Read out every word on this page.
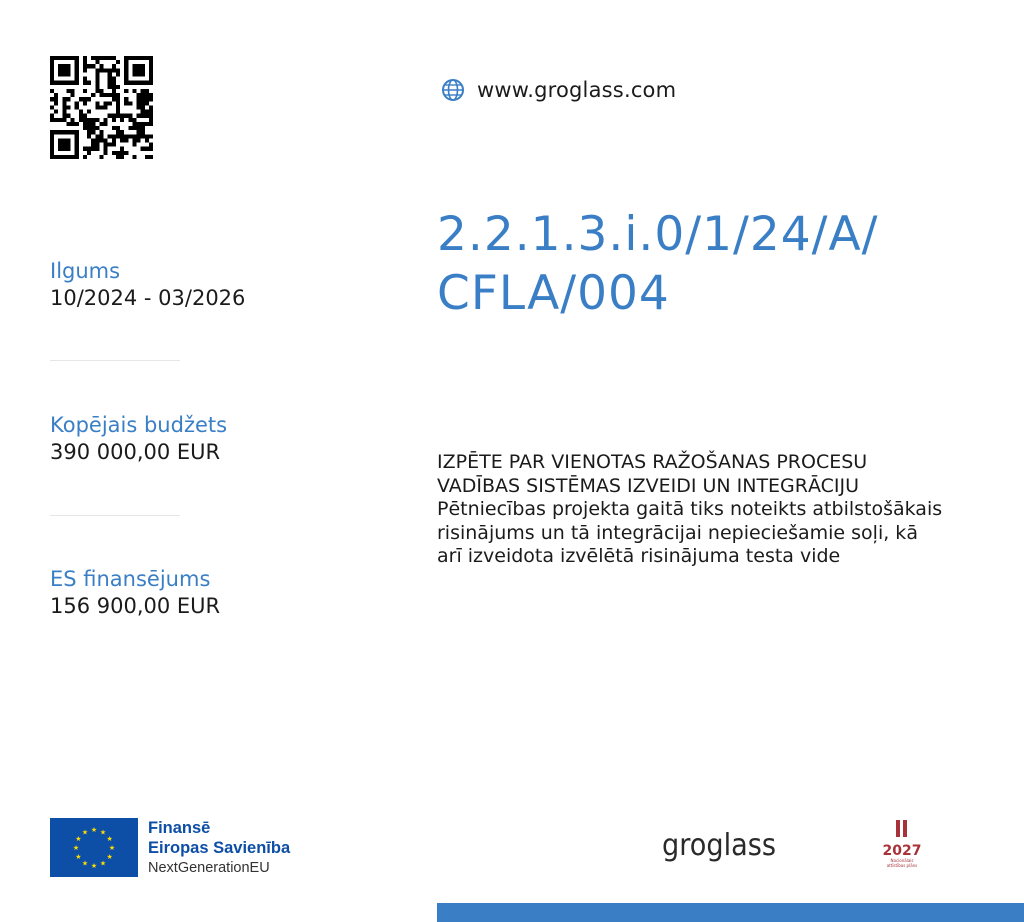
www.groglass.com
Ilgums
10/2024 - 03/2026
Kopējais budžets
390 000,00 EUR
ES finansējums
156 900,00 EUR
2.2.1.3.i.0/1/24/A/
CFLA/004
IZPĒTE PAR VIENOTAS RAŽOŠANAS PROCESU
VADĪBAS SISTĒMAS IZVEIDI UN INTEGRĀCIJU
Pētniecības projekta gaitā tiks noteikts atbilstošākais
risinājums un tā integrācijai nepieciešamie soļi, kā
arī izveidota izvēlētā risinājuma testa vide
★ ★
★
★
★
★
★
★
★
★
★
★	Finansē
Eiropas Savienība
NextGenerationEU
groglass	2027
Nacionālais
attīstības plāns
